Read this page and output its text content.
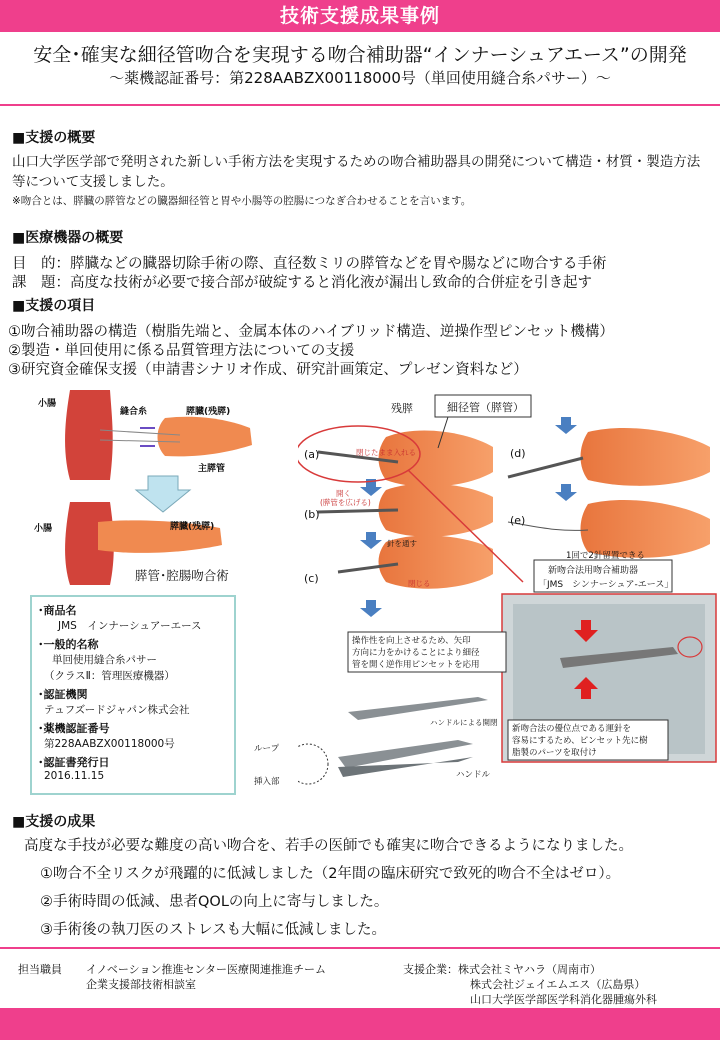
技術支援成果事例
安全･確実な細径管吻合を実現する吻合補助器“インナーシュアエース”の開発
～薬機認証番号：第228AABZX00118000号（単回使用縫合糸パサー）～
■支援の概要
山口大学医学部で発明された新しい手術方法を実現するための吻合補助器具の開発について構造・材質・製造方法等について支援しました。
※吻合とは、膵臓の膵管などの臓器細径管と胃や小腸等の腔腸につなぎ合わせることを言います。
■医療機器の概要
目　的：膵臓などの臓器切除手術の際、直径数ミリの膵管などを胃や腸などに吻合する手術
課　題：高度な技術が必要で接合部が破綻すると消化液が漏出し致命的合併症を引き起す
■支援の項目
①吻合補助器の構造（樹脂先端と、金属本体のハイブリッド構造、逆操作型ピンセット機構）
②製造・単回使用に係る品質管理方法についての支援
③研究資金確保支援（申請書シナリオ作成、研究計画策定、プレゼン資料など）
小腸
縫合糸	膵臓(残膵)
主膵管
小腸	膵臓(残膵)
膵管･腔腸吻合術
･商品名
JMS　インナーシュアーエース
･一般的名称
単回使用縫合糸パサー
（クラスⅡ：管理医療機器）
･認証機関
テュフズードジャパン株式会社
･薬機認証番号
第228AABZX00118000号
･認証書発行日
2016.11.15
残膵	細径管（膵管）
(a)
(b)
(c)
(d)
(e)
閉じたまま入れる
開く
(膵管を広げる)
針を通す
閉じる
1回で2針留置できる
新吻合法用吻合補助器
「JMS　シンナーシュア-エース」
操作性を向上させるため、矢印
方向に力をかけることにより細径
管を開く逆作用ピンセットを応用
新吻合法の優位点である運針を
容易にするため、ピンセット先に樹
脂製のパーツを取付け
ハンドルによる開閉
ループ
挿入部
ハンドル
■支援の成果
高度な手技が必要な難度の高い吻合を、若手の医師でも確実に吻合できるようになりました。
①吻合不全リスクが飛躍的に低減しました（2年間の臨床研究で致死的吻合不全はゼロ）。
②手術時間の低減、患者QOLの向上に寄与しました。
③手術後の執刀医のストレスも大幅に低減しました。
担当職員 イノベーション推進センター医療関連推進チーム
企業支援部技術相談室
支援企業：株式会社ミヤハラ（周南市）
株式会社ジェイエムエス（広島県）
山口大学医学部医学科消化器腫瘍外科
